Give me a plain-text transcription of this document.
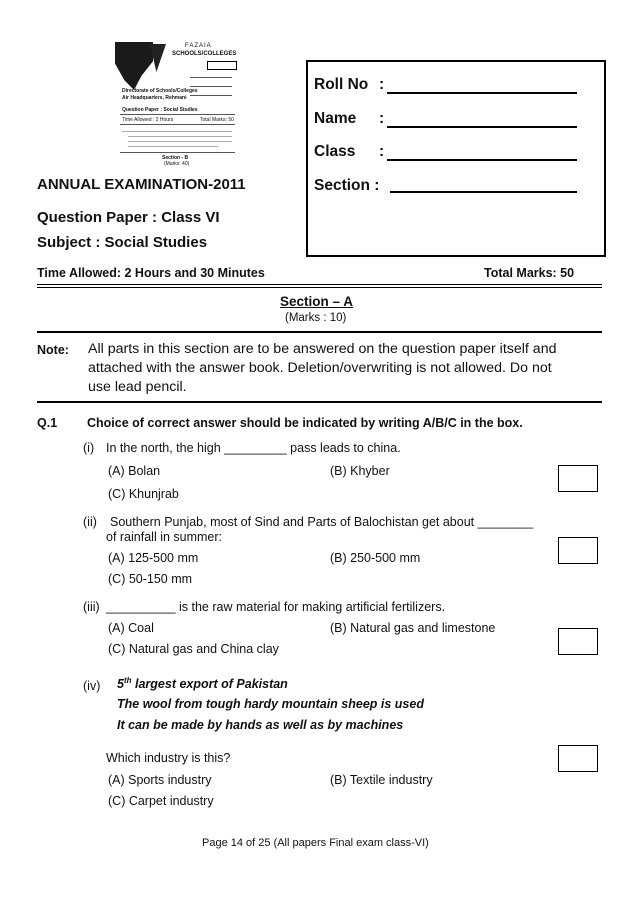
FAZAIA
SCHOOLS/COLLEGES
Directorate of Schools/Colleges
Air Headquarters, Rehmani
Question Paper : Social Studies
Time Allowed : 2 Hours	Total Marks: 50
Section - B
(Marks: 40)
Roll No :
Name :
Class :
Section :
ANNUAL EXAMINATION-2011
Question Paper : Class VI
Subject : Social Studies
Time Allowed: 2 Hours and 30 Minutes	Total Marks: 50
Section – A
(Marks : 10)
Note: All parts in this section are to be answered on the question paper itself and
attached with the answer book. Deletion/overwriting is not allowed. Do not
use lead pencil.
Q.1 Choice of correct answer should be indicated by writing A/B/C in the box.
(i) In the north, the high _________ pass leads to china.
(A) Bolan	(B) Khyber
(C) Khunjrab
(ii) Southern Punjab, most of Sind and Parts of Balochistan get about ________
of rainfall in summer:
(A) 125-500 mm	(B) 250-500 mm
(C) 50-150 mm
(iii) __________ is the raw material for making artificial fertilizers.
(A) Coal	(B) Natural gas and limestone
(C) Natural gas and China clay
(iv) 5th largest export of Pakistan
The wool from tough hardy mountain sheep is used
It can be made by hands as well as by machines
Which industry is this?
(A) Sports industry	(B) Textile industry
(C) Carpet industry
Page 14 of 25 (All papers Final exam class-VI)
